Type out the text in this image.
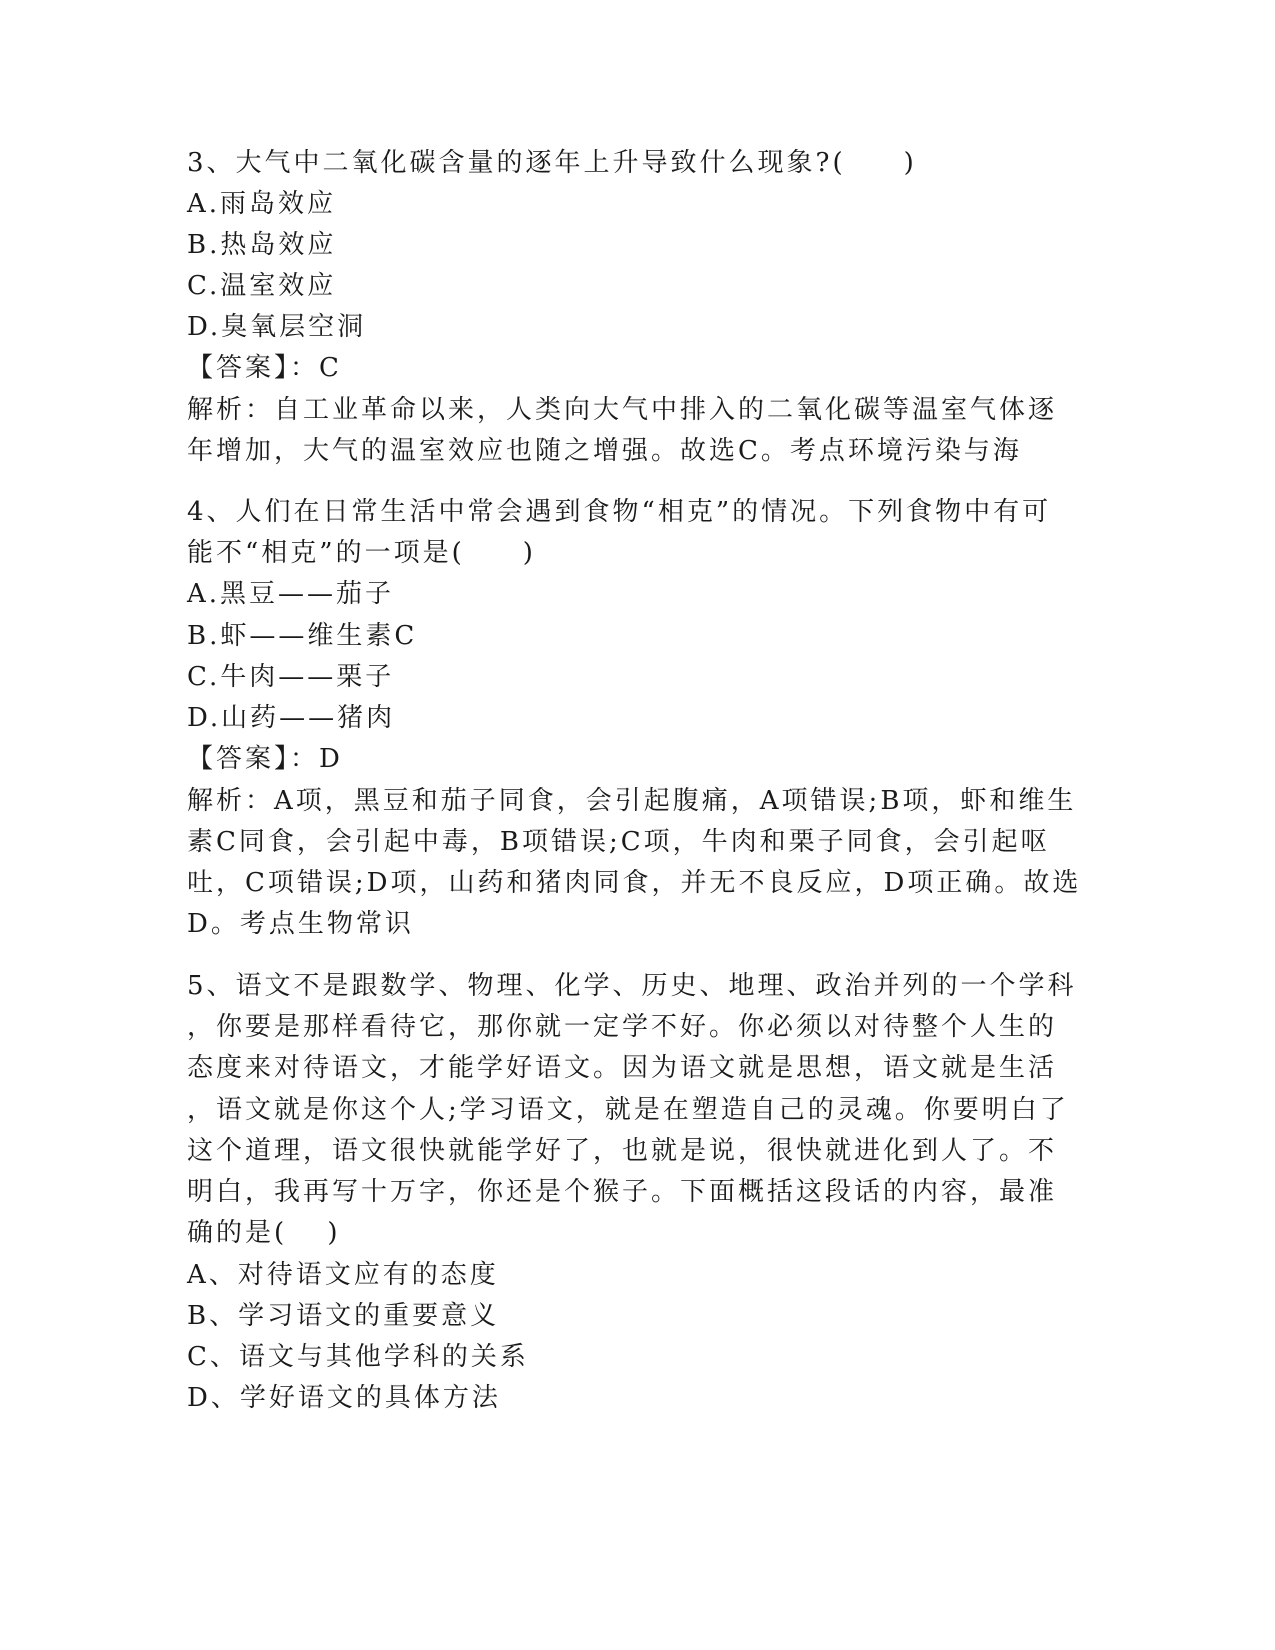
3、大气中二氧化碳含量的逐年上升导致什么现象?(　　)
A.雨岛效应
B.热岛效应
C.温室效应
D.臭氧层空洞
【答案】：C
解析：自工业革命以来，人类向大气中排入的二氧化碳等温室气体逐
年增加，大气的温室效应也随之增强。故选C。考点环境污染与海
4、人们在日常生活中常会遇到食物“相克”的情况。下列食物中有可
能不“相克”的一项是(　　)
A.黑豆——茄子
B.虾——维生素C
C.牛肉——栗子
D.山药——猪肉
【答案】：D
解析：A项，黑豆和茄子同食，会引起腹痛，A项错误;B项，虾和维生
素C同食，会引起中毒，B项错误;C项，牛肉和栗子同食，会引起呕
吐，C项错误;D项，山药和猪肉同食，并无不良反应，D项正确。故选
D。考点生物常识
5、语文不是跟数学、物理、化学、历史、地理、政治并列的一个学科
，你要是那样看待它，那你就一定学不好。你必须以对待整个人生的
态度来对待语文，才能学好语文。因为语文就是思想，语文就是生活
，语文就是你这个人;学习语文，就是在塑造自己的灵魂。你要明白了
这个道理，语文很快就能学好了，也就是说，很快就进化到人了。不
明白，我再写十万字，你还是个猴子。下面概括这段话的内容，最准
确的是(　 )
A、对待语文应有的态度
B、学习语文的重要意义
C、语文与其他学科的关系
D、学好语文的具体方法
